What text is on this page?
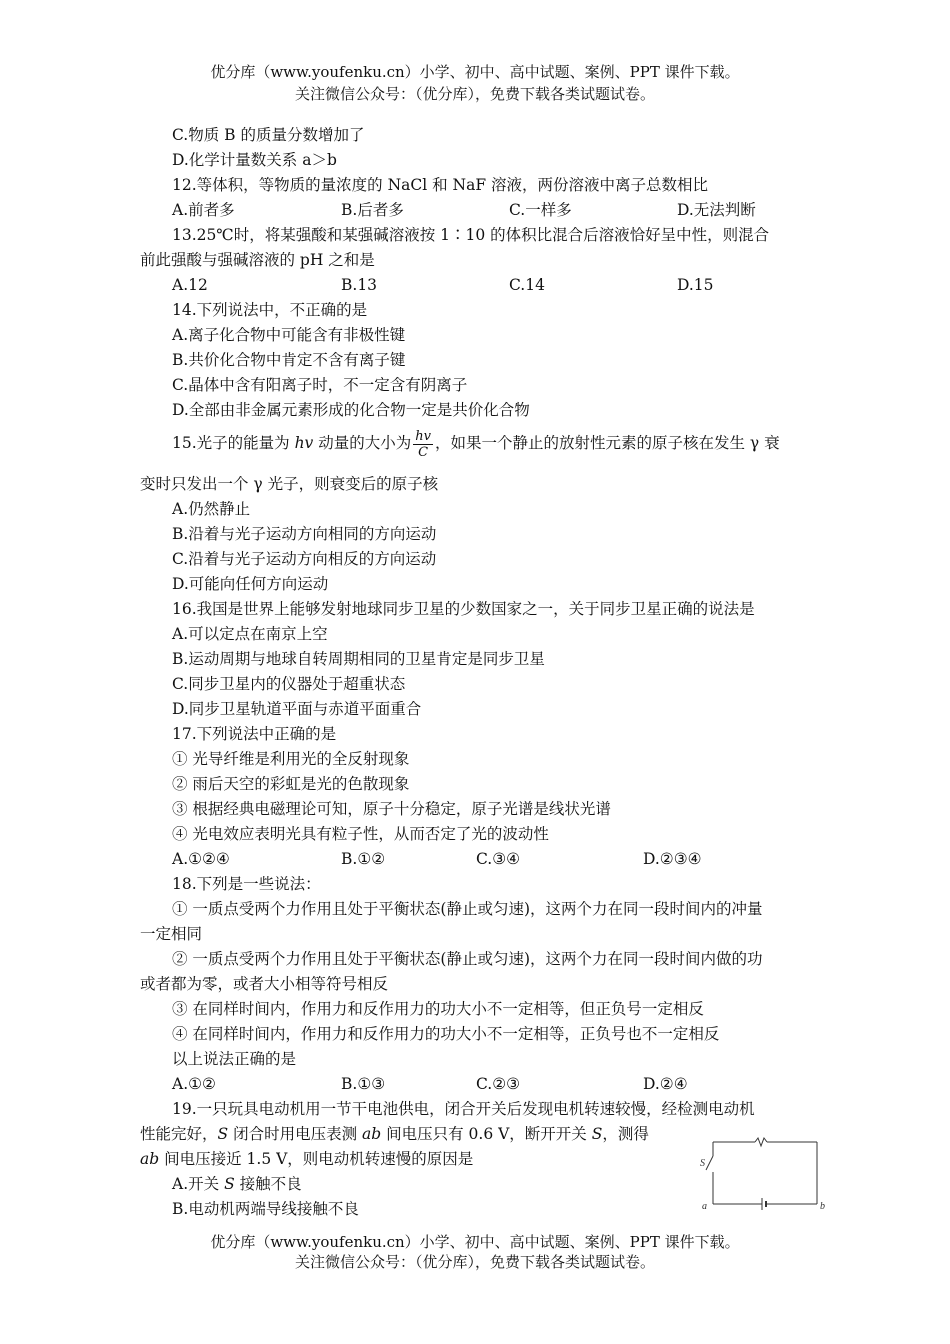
优分库（www.youfenku.cn）小学、初中、高中试题、案例、PPT 课件下载。
关注微信公众号：（优分库），免费下载各类试题试卷。
C.物质 B 的质量分数增加了
D.化学计量数关系 a＞b
12.等体积，等物质的量浓度的 NaCl 和 NaF 溶液，两份溶液中离子总数相比
A.前者多	B.后者多	C.一样多	D.无法判断
13.25℃时，将某强酸和某强碱溶液按 1∶10 的体积比混合后溶液恰好呈中性，则混合
前此强酸与强碱溶液的 pH 之和是
A.12	B.13	C.14	D.15
14.下列说法中，不正确的是
A.离子化合物中可能含有非极性键
B.共价化合物中肯定不含有离子键
C.晶体中含有阳离子时，不一定含有阴离子
D.全部由非金属元素形成的化合物一定是共价化合物
15.光子的能量为 hv 动量的大小为 $\frac{hv}{C}$ ，如果一个静止的放射性元素的原子核在发生 γ 衰
变时只发出一个 γ 光子，则衰变后的原子核
A.仍然静止
B.沿着与光子运动方向相同的方向运动
C.沿着与光子运动方向相反的方向运动
D.可能向任何方向运动
16.我国是世界上能够发射地球同步卫星的少数国家之一，关于同步卫星正确的说法是
A.可以定点在南京上空
B.运动周期与地球自转周期相同的卫星肯定是同步卫星
C.同步卫星内的仪器处于超重状态
D.同步卫星轨道平面与赤道平面重合
17.下列说法中正确的是
① 光导纤维是利用光的全反射现象
② 雨后天空的彩虹是光的色散现象
③ 根据经典电磁理论可知，原子十分稳定，原子光谱是线状光谱
④ 光电效应表明光具有粒子性，从而否定了光的波动性
A.①②④	B.①②	C.③④	D.②③④
18.下列是一些说法：
① 一质点受两个力作用且处于平衡状态(静止或匀速)，这两个力在同一段时间内的冲量
一定相同
② 一质点受两个力作用且处于平衡状态(静止或匀速)，这两个力在同一段时间内做的功
或者都为零，或者大小相等符号相反
③ 在同样时间内，作用力和反作用力的功大小不一定相等，但正负号一定相反
④ 在同样时间内，作用力和反作用力的功大小不一定相等，正负号也不一定相反
以上说法正确的是
A.①②	B.①③	C.②③	D.②④
19.一只玩具电动机用一节干电池供电，闭合开关后发现电机转速较慢，经检测电动机
性能完好，S 闭合时用电压表测 ab 间电压只有 0.6 V，断开开关 S，测得
ab 间电压接近 1.5 V，则电动机转速慢的原因是
A.开关 S 接触不良
B.电动机两端导线接触不良
S
a	b
优分库（www.youfenku.cn）小学、初中、高中试题、案例、PPT 课件下载。
关注微信公众号：（优分库），免费下载各类试题试卷。
